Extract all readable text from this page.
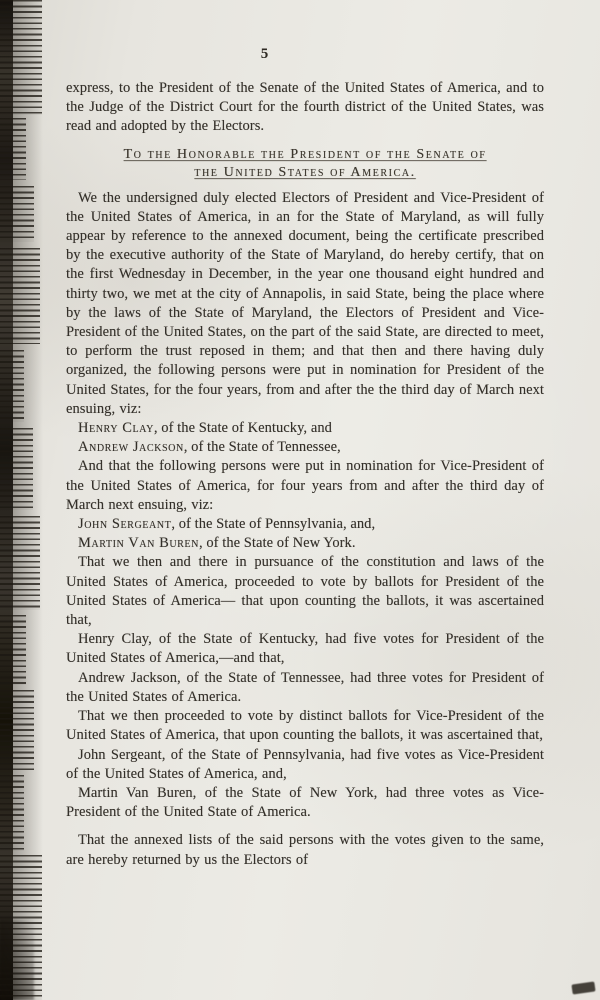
5

express, to the President of the Senate of the United States of America, and to the Judge of the District Court for the fourth district of the United States, was read and adopted by the Electors.

To the Honorable the President of the Senate of
the United States of America.

We the undersigned duly elected Electors of President and Vice-President of the United States of America, in an for the State of Maryland, as will fully appear by reference to the annexed document, being the certificate prescribed by the executive authority of the State of Maryland, do hereby certify, that on the first Wednesday in December, in the year one thousand eight hundred and thirty two, we met at the city of Annapolis, in said State, being the place where by the laws of the State of Maryland, the Electors of President and Vice-President of the United States, on the part of the said State, are directed to meet, to perform the trust reposed in them; and that then and there having duly organized, the following persons were put in nomination for President of the United States, for the four years, from and after the the third day of March next ensuing, viz:

Henry Clay, of the State of Kentucky, and

Andrew Jackson, of the State of Tennessee,

And that the following persons were put in nomination for Vice-President of the United States of America, for four years from and after the third day of March next ensuing, viz:

John Sergeant, of the State of Pennsylvania, and,

Martin Van Buren, of the State of New York.

That we then and there in pursuance of the constitution and laws of the United States of America, proceeded to vote by ballots for President of the United States of America— that upon counting the ballots, it was ascertained that,

Henry Clay, of the State of Kentucky, had five votes for President of the United States of America,—and that,

Andrew Jackson, of the State of Tennessee, had three votes for President of the United States of America.

That we then proceeded to vote by distinct ballots for Vice-President of the United States of America, that upon counting the ballots, it was ascertained that,

John Sergeant, of the State of Pennsylvania, had five votes as Vice-President of the United States of America, and,

Martin Van Buren, of the State of New York, had three votes as Vice-President of the United State of America.

That the annexed lists of the said persons with the votes given to the same, are hereby returned by us the Electors of
